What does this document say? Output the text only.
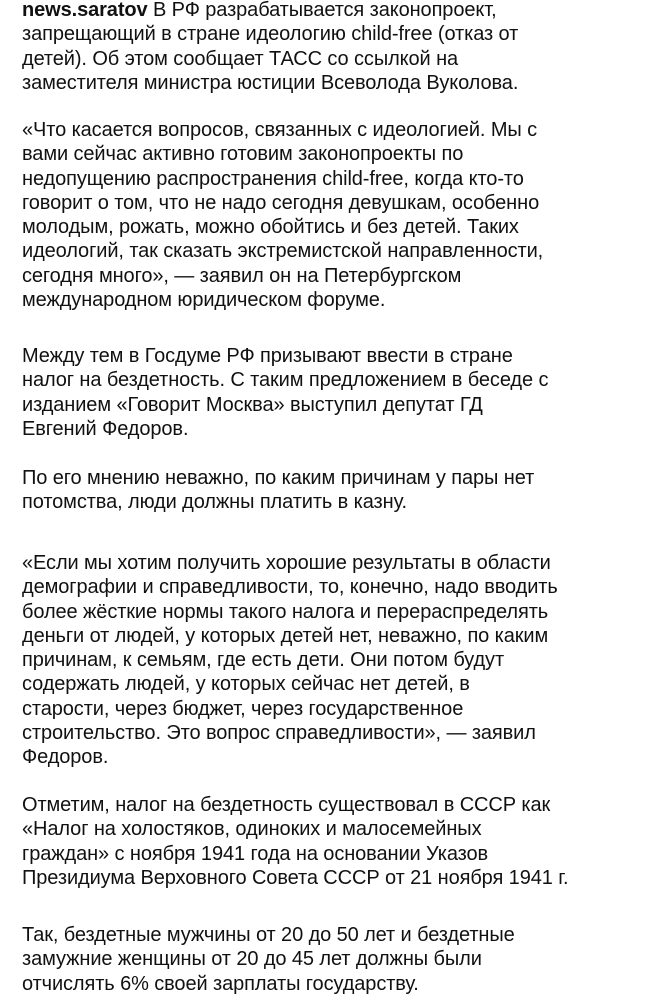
news.saratov В РФ разрабатывается законопроект,
запрещающий в стране идеологию child-free (отказ от
детей). Об этом сообщает ТАСС со ссылкой на
заместителя министра юстиции Всеволода Вуколова.
«Что касается вопросов, связанных с идеологией. Мы с
вами сейчас активно готовим законопроекты по
недопущению распространения child-free, когда кто-то
говорит о том, что не надо сегодня девушкам, особенно
молодым, рожать, можно обойтись и без детей. Таких
идеологий, так сказать экстремистской направленности,
сегодня много», — заявил он на Петербургском
международном юридическом форуме.
Между тем в Госдуме РФ призывают ввести в стране
налог на бездетность. С таким предложением в беседе с
изданием «Говорит Москва» выступил депутат ГД
Евгений Федоров.
По его мнению неважно, по каким причинам у пары нет
потомства, люди должны платить в казну.
«Если мы хотим получить хорошие результаты в области
демографии и справедливости, то, конечно, надо вводить
более жёсткие нормы такого налога и перераспределять
деньги от людей, у которых детей нет, неважно, по каким
причинам, к семьям, где есть дети. Они потом будут
содержать людей, у которых сейчас нет детей, в
старости, через бюджет, через государственное
строительство. Это вопрос справедливости», — заявил
Федоров.
Отметим, налог на бездетность существовал в СССР как
«Налог на холостяков, одиноких и малосемейных
граждан» с ноября 1941 года на основании Указов
Президиума Верховного Совета СССР от 21 ноября 1941 г.
Так, бездетные мужчины от 20 до 50 лет и бездетные
замужние женщины от 20 до 45 лет должны были
отчислять 6% своей зарплаты государству.
